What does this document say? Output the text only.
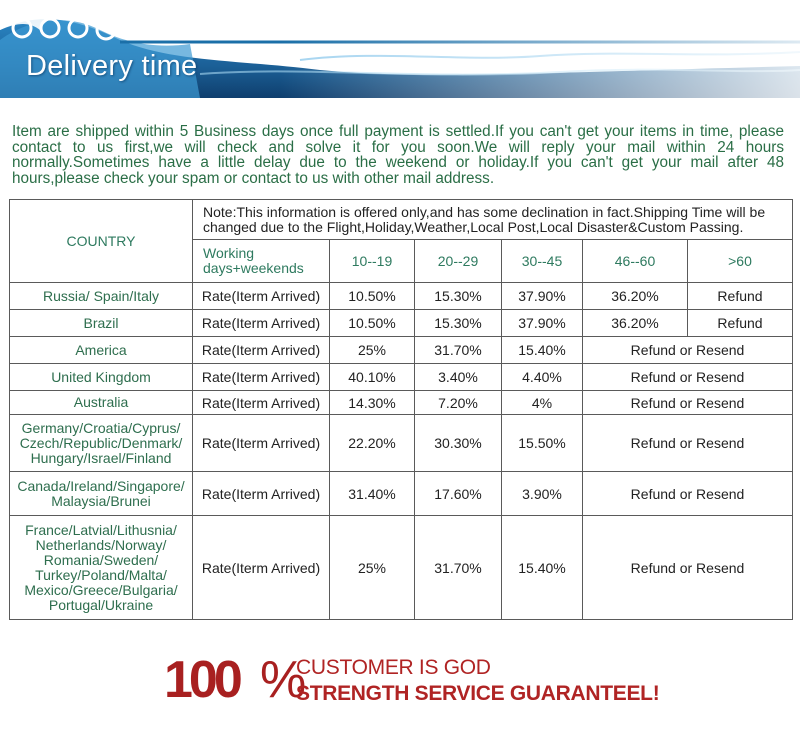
Delivery time
Item are shipped within 5 Business days once full payment is settled.If you can't get your items in time, please contact to us first,we will check and solve it for you soon.We will reply your mail within 24 hours normally.Sometimes have a little delay due to the weekend or holiday.If you can't get your mail after 48 hours,please check your spam or contact to us with other mail address.
COUNTRY	Note:This information is offered only,and has some declination in fact.Shipping Time will be changed due to the Flight,Holiday,Weather,Local Post,Local Disaster&Custom Passing.					
	Working days+weekends	10--19	20--29	30--45	46--60	>60
Russia/ Spain/Italy	Rate(Iterm Arrived)	10.50%	15.30%	37.90%	36.20%	Refund
Brazil	Rate(Iterm Arrived)	10.50%	15.30%	37.90%	36.20%	Refund
America	Rate(Iterm Arrived)	25%	31.70%	15.40%	Refund or Resend	
United Kingdom	Rate(Iterm Arrived)	40.10%	3.40%	4.40%	Refund or Resend	
Australia	Rate(Iterm Arrived)	14.30%	7.20%	4%	Refund or Resend	
Germany/Croatia/Cyprus/ Czech/Republic/Denmark/ Hungary/Israel/Finland	Rate(Iterm Arrived)	22.20%	30.30%	15.50%	Refund or Resend	
Canada/Ireland/Singapore/ Malaysia/Brunei	Rate(Iterm Arrived)	31.40%	17.60%	3.90%	Refund or Resend	
France/Latvial/Lithusnia/ Netherlands/Norway/ Romania/Sweden/ Turkey/Poland/Malta/ Mexico/Greece/Bulgaria/ Portugal/Ukraine	Rate(Iterm Arrived)	25%	31.70%	15.40%	Refund or Resend	
100 %
CUSTOMER IS GOD
STRENGTH SERVICE GUARANTEEL!
